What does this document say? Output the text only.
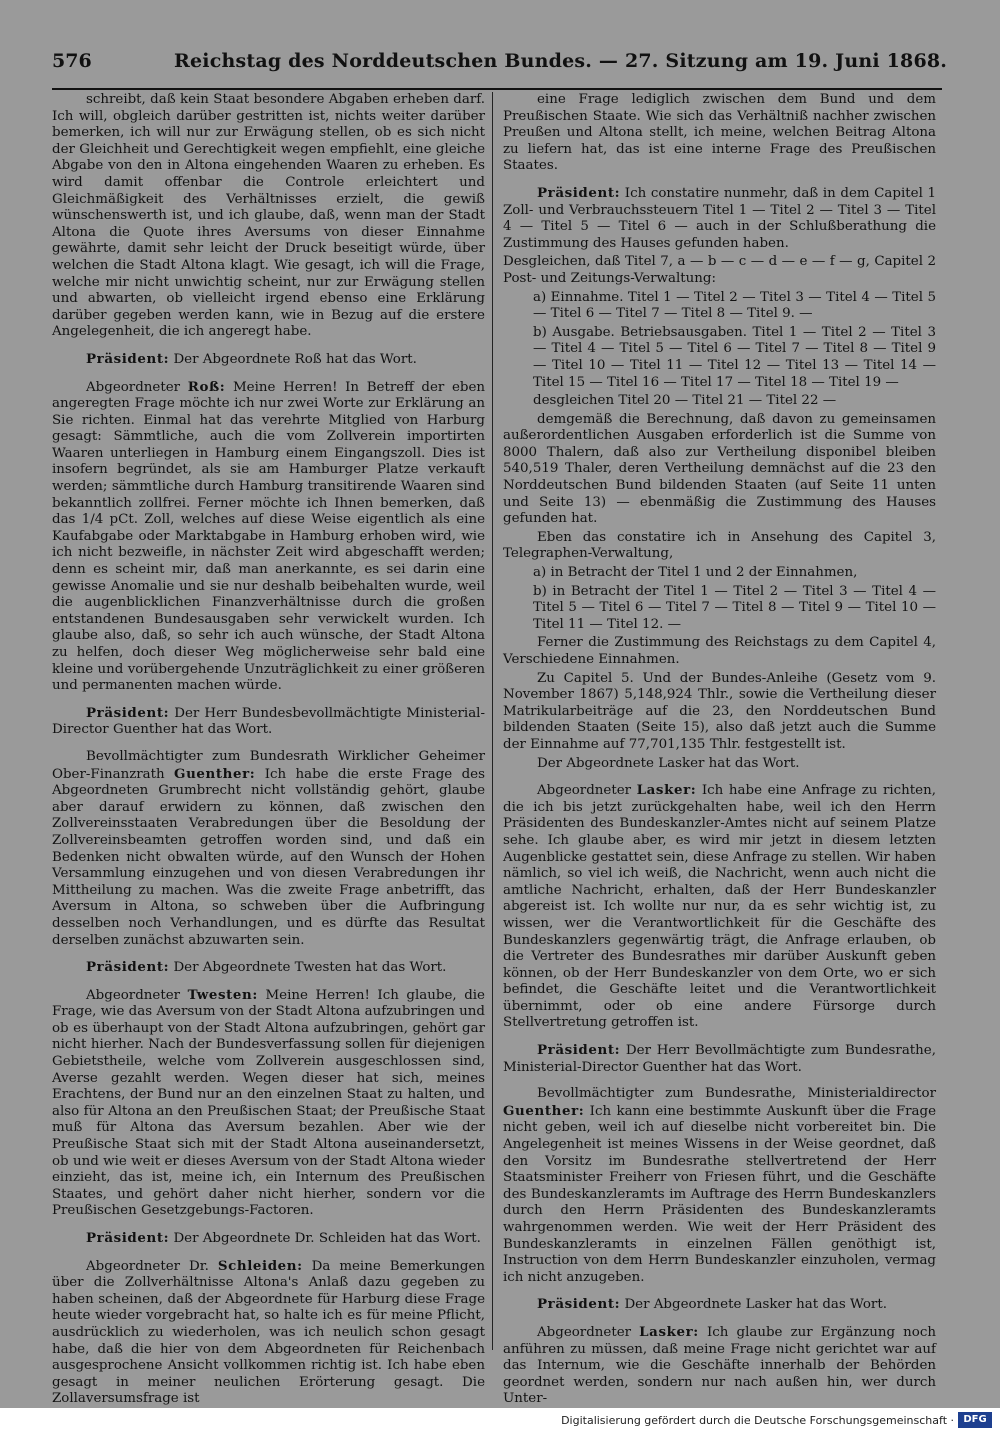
576	Reichstag des Norddeutschen Bundes. — 27. Sitzung am 19. Juni 1868.

schreibt, daß kein Staat besondere Abgaben erheben darf. Ich will, obgleich darüber gestritten ist, nichts weiter darüber bemerken, ich will nur zur Erwägung stellen, ob es sich nicht der Gleichheit und Gerechtigkeit wegen empfiehlt, eine gleiche Abgabe von den in Altona eingehenden Waaren zu erheben. Es wird damit offenbar die Controle erleichtert und Gleichmäßigkeit des Verhältnisses erzielt, die gewiß wünschenswerth ist, und ich glaube, daß, wenn man der Stadt Altona die Quote ihres Aversums von dieser Einnahme gewährte, damit sehr leicht der Druck beseitigt würde, über welchen die Stadt Altona klagt. Wie gesagt, ich will die Frage, welche mir nicht unwichtig scheint, nur zur Erwägung stellen und abwarten, ob vielleicht irgend ebenso eine Erklärung darüber gegeben werden kann, wie in Bezug auf die erstere Angelegenheit, die ich angeregt habe.

Präsident: Der Abgeordnete Roß hat das Wort.

Abgeordneter Roß: Meine Herren! In Betreff der eben angeregten Frage möchte ich nur zwei Worte zur Erklärung an Sie richten. Einmal hat das verehrte Mitglied von Harburg gesagt: Sämmtliche, auch die vom Zollverein importirten Waaren unterliegen in Hamburg einem Eingangszoll. Dies ist insofern begründet, als sie am Hamburger Platze verkauft werden; sämmtliche durch Hamburg transitirende Waaren sind bekanntlich zollfrei. Ferner möchte ich Ihnen bemerken, daß das 1/4 pCt. Zoll, welches auf diese Weise eigentlich als eine Kaufabgabe oder Marktabgabe in Hamburg erhoben wird, wie ich nicht bezweifle, in nächster Zeit wird abgeschafft werden; denn es scheint mir, daß man anerkannte, es sei darin eine gewisse Anomalie und sie nur deshalb beibehalten wurde, weil die augenblicklichen Finanzverhältnisse durch die großen entstandenen Bundesausgaben sehr verwickelt wurden. Ich glaube also, daß, so sehr ich auch wünsche, der Stadt Altona zu helfen, doch dieser Weg möglicherweise sehr bald eine kleine und vorübergehende Unzuträglichkeit zu einer größeren und permanenten machen würde.

Präsident: Der Herr Bundesbevollmächtigte Ministerial-Director Guenther hat das Wort.

Bevollmächtigter zum Bundesrath Wirklicher Geheimer Ober-Finanzrath Guenther: Ich habe die erste Frage des Abgeordneten Grumbrecht nicht vollständig gehört, glaube aber darauf erwidern zu können, daß zwischen den Zollvereinsstaaten Verabredungen über die Besoldung der Zollvereinsbeamten getroffen worden sind, und daß ein Bedenken nicht obwalten würde, auf den Wunsch der Hohen Versammlung einzugehen und von diesen Verabredungen ihr Mittheilung zu machen. Was die zweite Frage anbetrifft, das Aversum in Altona, so schweben über die Aufbringung desselben noch Verhandlungen, und es dürfte das Resultat derselben zunächst abzuwarten sein.

Präsident: Der Abgeordnete Twesten hat das Wort.

Abgeordneter Twesten: Meine Herren! Ich glaube, die Frage, wie das Aversum von der Stadt Altona aufzubringen und ob es überhaupt von der Stadt Altona aufzubringen, gehört gar nicht hierher. Nach der Bundesverfassung sollen für diejenigen Gebietstheile, welche vom Zollverein ausgeschlossen sind, Averse gezahlt werden. Wegen dieser hat sich, meines Erachtens, der Bund nur an den einzelnen Staat zu halten, und also für Altona an den Preußischen Staat; der Preußische Staat muß für Altona das Aversum bezahlen. Aber wie der Preußische Staat sich mit der Stadt Altona auseinandersetzt, ob und wie weit er dieses Aversum von der Stadt Altona wieder einzieht, das ist, meine ich, ein Internum des Preußischen Staates, und gehört daher nicht hierher, sondern vor die Preußischen Gesetzgebungs-Factoren.

Präsident: Der Abgeordnete Dr. Schleiden hat das Wort.

Abgeordneter Dr. Schleiden: Da meine Bemerkungen über die Zollverhältnisse Altona's Anlaß dazu gegeben zu haben scheinen, daß der Abgeordnete für Harburg diese Frage heute wieder vorgebracht hat, so halte ich es für meine Pflicht, ausdrücklich zu wiederholen, was ich neulich schon gesagt habe, daß die hier von dem Abgeordneten für Reichenbach ausgesprochene Ansicht vollkommen richtig ist. Ich habe eben gesagt in meiner neulichen Erörterung gesagt. Die Zollaversumsfrage ist

eine Frage lediglich zwischen dem Bund und dem Preußischen Staate. Wie sich das Verhältniß nachher zwischen Preußen und Altona stellt, ich meine, welchen Beitrag Altona zu liefern hat, das ist eine interne Frage des Preußischen Staates.

Präsident: Ich constatire nunmehr, daß in dem Capitel 1 Zoll- und Verbrauchssteuern Titel 1 — Titel 2 — Titel 3 — Titel 4 — Titel 5 — Titel 6 — auch in der Schlußberathung die Zustimmung des Hauses gefunden haben.

Desgleichen, daß Titel 7, a — b — c — d — e — f — g, Capitel 2 Post- und Zeitungs-Verwaltung:

a) Einnahme. Titel 1 — Titel 2 — Titel 3 — Titel 4 — Titel 5 — Titel 6 — Titel 7 — Titel 8 — Titel 9. —

b) Ausgabe. Betriebsausgaben. Titel 1 — Titel 2 — Titel 3 — Titel 4 — Titel 5 — Titel 6 — Titel 7 — Titel 8 — Titel 9 — Titel 10 — Titel 11 — Titel 12 — Titel 13 — Titel 14 — Titel 15 — Titel 16 — Titel 17 — Titel 18 — Titel 19 —

desgleichen Titel 20 — Titel 21 — Titel 22 —

demgemäß die Berechnung, daß davon zu gemeinsamen außerordentlichen Ausgaben erforderlich ist die Summe von 8000 Thalern, daß also zur Vertheilung disponibel bleiben 540,519 Thaler, deren Vertheilung demnächst auf die 23 den Norddeutschen Bund bildenden Staaten (auf Seite 11 unten und Seite 13) — ebenmäßig die Zustimmung des Hauses gefunden hat.

Eben das constatire ich in Ansehung des Capitel 3, Telegraphen-Verwaltung,

a) in Betracht der Titel 1 und 2 der Einnahmen,

b) in Betracht der Titel 1 — Titel 2 — Titel 3 — Titel 4 — Titel 5 — Titel 6 — Titel 7 — Titel 8 — Titel 9 — Titel 10 — Titel 11 — Titel 12. —

Ferner die Zustimmung des Reichstags zu dem Capitel 4, Verschiedene Einnahmen.

Zu Capitel 5. Und der Bundes-Anleihe (Gesetz vom 9. November 1867) 5,148,924 Thlr., sowie die Vertheilung dieser Matrikularbeiträge auf die 23, den Norddeutschen Bund bildenden Staaten (Seite 15), also daß jetzt auch die Summe der Einnahme auf 77,701,135 Thlr. festgestellt ist.

Der Abgeordnete Lasker hat das Wort.

Abgeordneter Lasker: Ich habe eine Anfrage zu richten, die ich bis jetzt zurückgehalten habe, weil ich den Herrn Präsidenten des Bundeskanzler-Amtes nicht auf seinem Platze sehe. Ich glaube aber, es wird mir jetzt in diesem letzten Augenblicke gestattet sein, diese Anfrage zu stellen. Wir haben nämlich, so viel ich weiß, die Nachricht, wenn auch nicht die amtliche Nachricht, erhalten, daß der Herr Bundeskanzler abgereist ist. Ich wollte nur nur, da es sehr wichtig ist, zu wissen, wer die Verantwortlichkeit für die Geschäfte des Bundeskanzlers gegenwärtig trägt, die Anfrage erlauben, ob die Vertreter des Bundesrathes mir darüber Auskunft geben können, ob der Herr Bundeskanzler von dem Orte, wo er sich befindet, die Geschäfte leitet und die Verantwortlichkeit übernimmt, oder ob eine andere Fürsorge durch Stellvertretung getroffen ist.

Präsident: Der Herr Bevollmächtigte zum Bundesrathe, Ministerial-Director Guenther hat das Wort.

Bevollmächtigter zum Bundesrathe, Ministerialdirector Guenther: Ich kann eine bestimmte Auskunft über die Frage nicht geben, weil ich auf dieselbe nicht vorbereitet bin. Die Angelegenheit ist meines Wissens in der Weise geordnet, daß den Vorsitz im Bundesrathe stellvertretend der Herr Staatsminister Freiherr von Friesen führt, und die Geschäfte des Bundeskanzleramts im Auftrage des Herrn Bundeskanzlers durch den Herrn Präsidenten des Bundeskanzleramts wahrgenommen werden. Wie weit der Herr Präsident des Bundeskanzleramts in einzelnen Fällen genöthigt ist, Instruction von dem Herrn Bundeskanzler einzuholen, vermag ich nicht anzugeben.

Präsident: Der Abgeordnete Lasker hat das Wort.

Abgeordneter Lasker: Ich glaube zur Ergänzung noch anführen zu müssen, daß meine Frage nicht gerichtet war auf das Internum, wie die Geschäfte innerhalb der Behörden geordnet werden, sondern nur nach außen hin, wer durch Unter-

Digitalisierung gefördert durch die Deutsche Forschungsgemeinschaft · DFG
